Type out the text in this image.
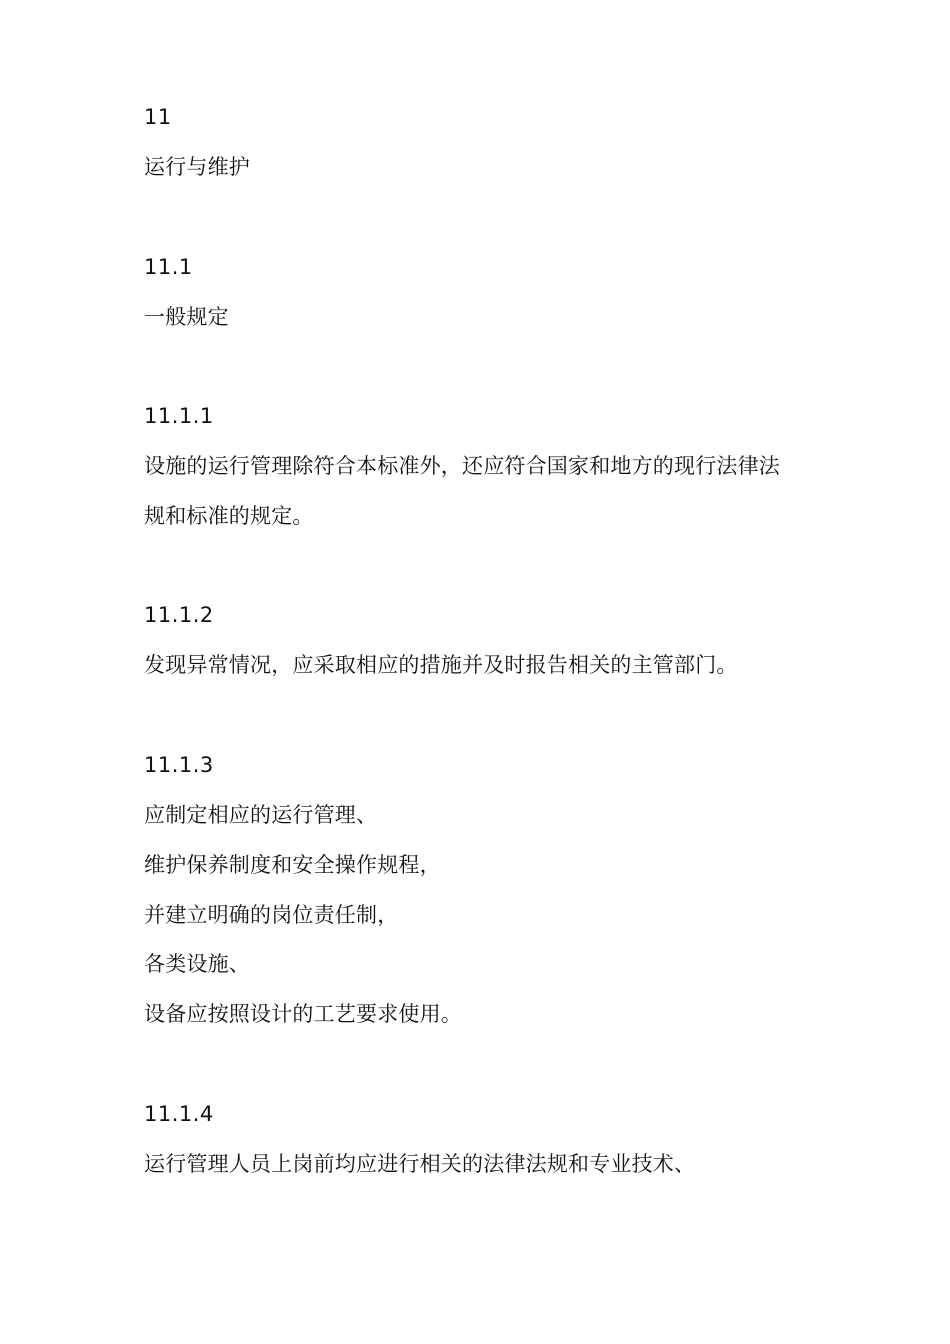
11
运行与维护
11.1
一般规定
11.1.1
设施的运行管理除符合本标准外，还应符合国家和地方的现行法律法
规和标准的规定。
11.1.2
发现异常情况，应采取相应的措施并及时报告相关的主管部门。
11.1.3
应制定相应的运行管理、
维护保养制度和安全操作规程，
并建立明确的岗位责任制，
各类设施、
设备应按照设计的工艺要求使用。
11.1.4
运行管理人员上岗前均应进行相关的法律法规和专业技术、
